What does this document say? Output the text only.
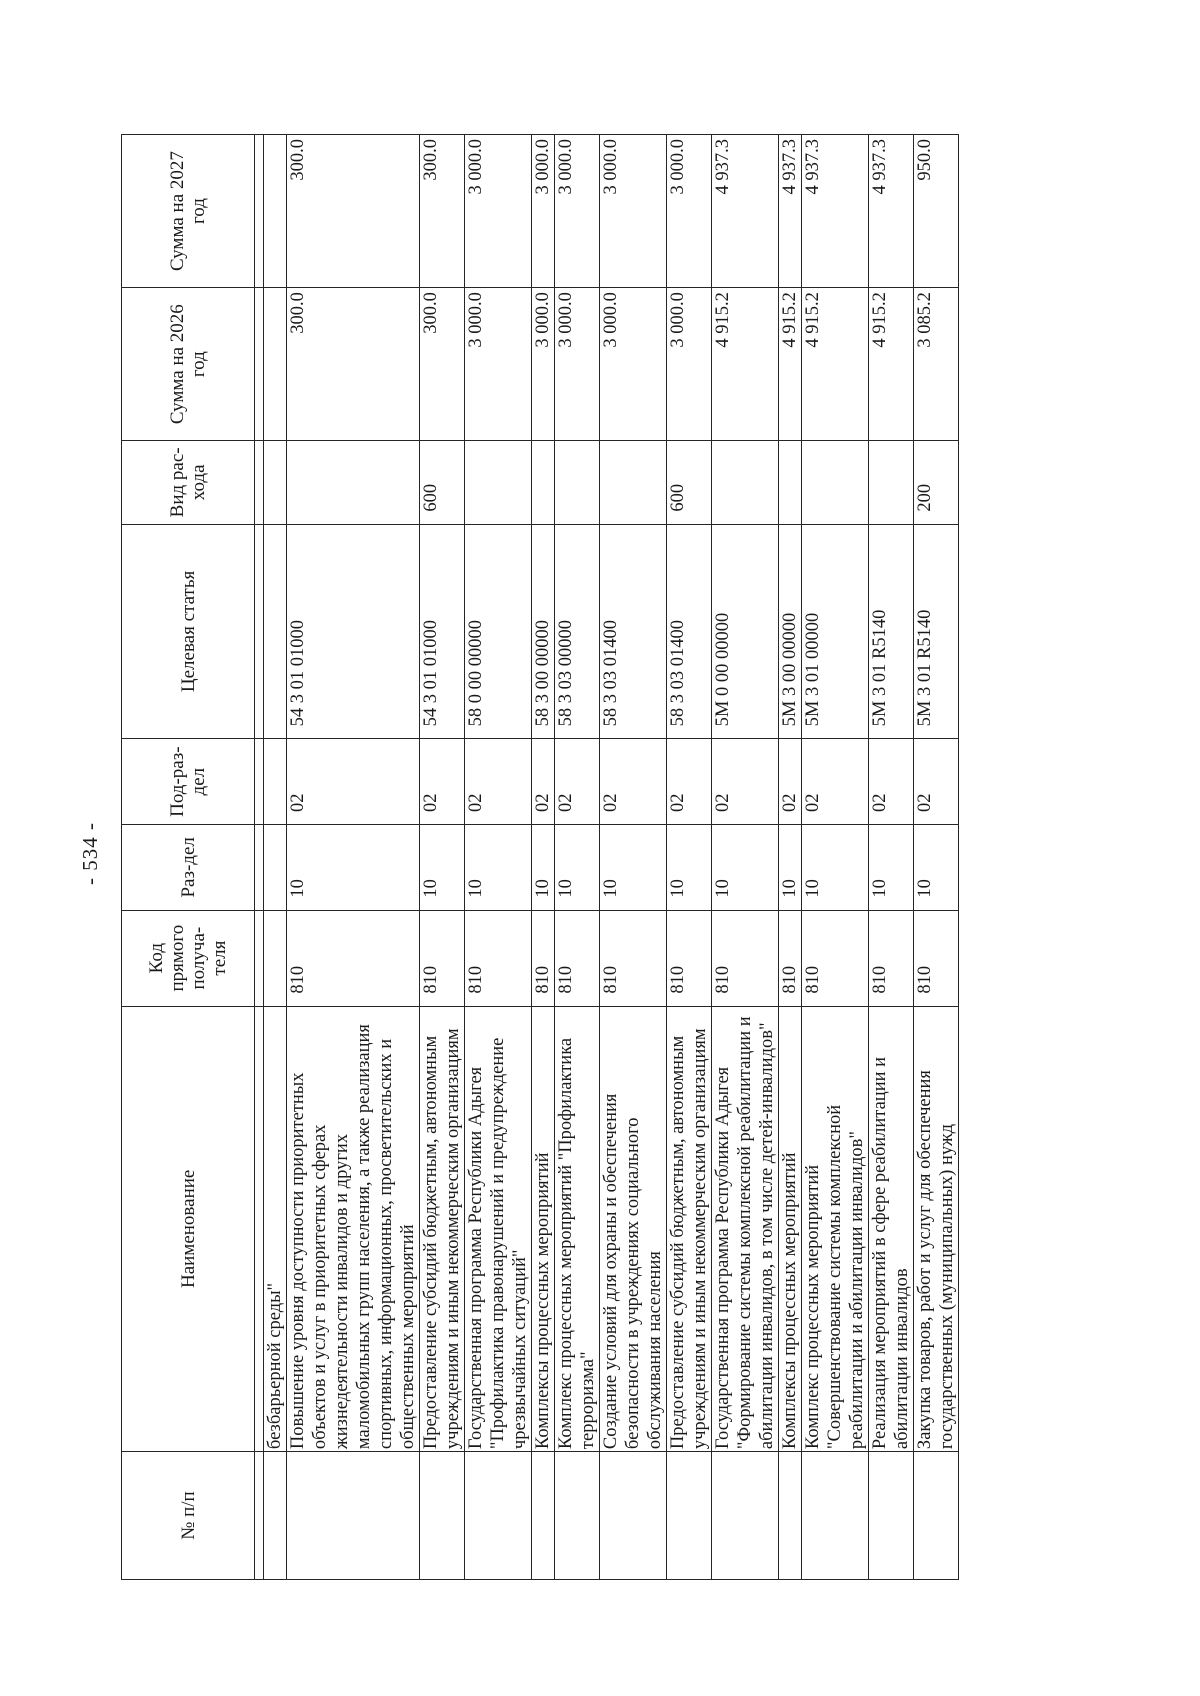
- 534 -
№ п/п	Наименование	Код прямого получа-теля	Раз-дел	Под-раз-дел	Целевая статья	Вид рас-хода	Сумма на 2026 год	Сумма на 2027 год

	безбарьерной среды"							
	Повышение уровня доступности приоритетных объектов и услуг в приоритетных сферах жизнедеятельности инвалидов и других маломобильных групп населения, а также реализация спортивных, информационных, просветительских и общественных мероприятий	810	10	02	54 3 01 01000		300.0	300.0
	Предоставление субсидий бюджетным, автономным учреждениям и иным некоммерческим организациям	810	10	02	54 3 01 01000	600	300.0	300.0
	Государственная программа Республики Адыгея "Профилактика правонарушений и предупреждение чрезвычайных ситуаций"	810	10	02	58 0 00 00000		3 000.0	3 000.0
	Комплексы процессных мероприятий	810	10	02	58 3 00 00000		3 000.0	3 000.0
	Комплекс процессных мероприятий "Профилактика терроризма"	810	10	02	58 3 03 00000		3 000.0	3 000.0
	Создание условий для охраны и обеспечения безопасности в учреждениях социального обслуживания населения	810	10	02	58 3 03 01400		3 000.0	3 000.0
	Предоставление субсидий бюджетным, автономным учреждениям и иным некоммерческим организациям	810	10	02	58 3 03 01400	600	3 000.0	3 000.0
	Государственная программа Республики Адыгея "Формирование системы комплексной реабилитации и абилитации инвалидов, в том числе детей-инвалидов"	810	10	02	5М 0 00 00000		4 915.2	4 937.3
	Комплексы процессных мероприятий	810	10	02	5М 3 00 00000		4 915.2	4 937.3
	Комплекс процессных мероприятий "Совершенствование системы комплексной реабилитации и абилитации инвалидов"	810	10	02	5М 3 01 00000		4 915.2	4 937.3
	Реализация мероприятий в сфере реабилитации и абилитации инвалидов	810	10	02	5М 3 01 R5140		4 915.2	4 937.3
	Закупка товаров, работ и услуг для обеспечения государственных (муниципальных) нужд	810	10	02	5М 3 01 R5140	200	3 085.2	950.0
